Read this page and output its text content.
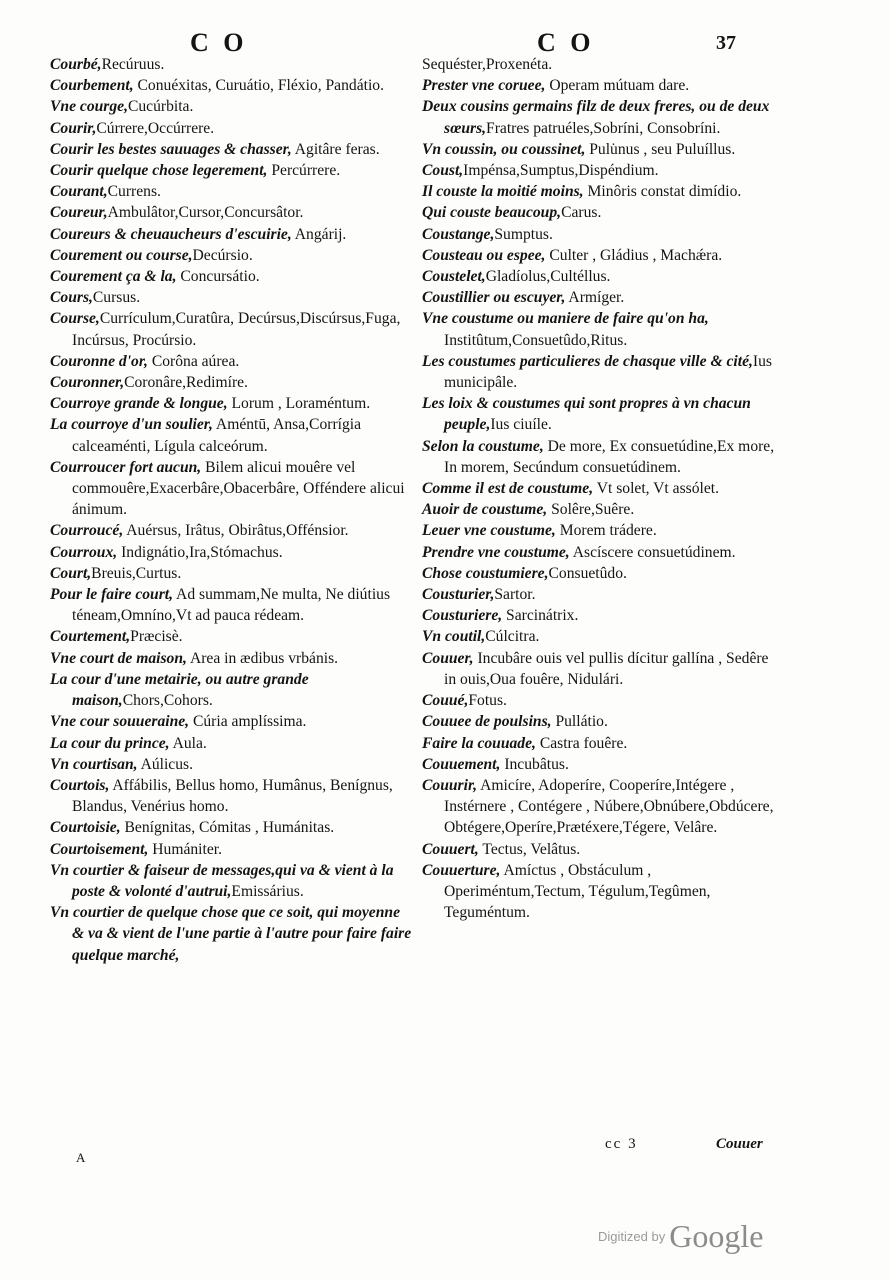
C O	C O	37

Courbé,Recúruus.

Courbement, Conuéxitas, Curuátio, Fléxio, Pandátio.

Vne courge,Cucúrbita.

Courir,Cúrrere,Occúrrere.

Courir les bestes sauuages & chasser, Agitâre feras.

Courir quelque chose legerement, Percúrrere.

Courant,Currens.

Coureur,Ambulâtor,Cursor,Concursâtor.

Coureurs & cheuaucheurs d'escuirie, Angárij.

Courement ou course,Decúrsio.

Courement ça & la, Concursátio.

Cours,Cursus.

Course,Currículum,Curatûra, Decúrsus,Discúrsus,Fuga, Incúrsus, Procúrsio.

Couronne d'or, Corôna aúrea.

Couronner,Coronâre,Redimíre.

Courroye grande & longue, Lorum , Loraméntum.

La courroye d'un soulier, Améntū, Ansa,Corrígia calceaménti, Lígula calceórum.

Courroucer fort aucun, Bilem alicui mouêre vel commouêre,Exacerbâre,Obacerbâre, Offéndere alicui ánimum.

Courroucé, Auérsus, Irâtus, Obirâtus,Offénsior.

Courroux, Indignátio,Ira,Stómachus.

Court,Breuis,Curtus.

Pour le faire court, Ad summam,Ne multa, Ne diútius téneam,Omníno,Vt ad pauca rédeam.

Courtement,Præcisè.

Vne court de maison, Area in ædibus vrbánis.

La cour d'une metairie, ou autre grande maison,Chors,Cohors.

Vne cour souueraine, Cúria amplíssima.

La cour du prince, Aula.

Vn courtisan, Aúlicus.

Courtois, Affábilis, Bellus homo, Humânus, Benígnus, Blandus, Venérius homo.

Courtoisie, Benígnitas, Cómitas , Humánitas.

Courtoisement, Humániter.

Vn courtier & faiseur de messages,qui va & vient à la poste & volonté d'autrui,Emissárius.

Vn courtier de quelque chose que ce soit, qui moyenne & va & vient de l'une partie à l'autre pour faire faire quelque marché,

Sequéster,Proxenéta.

Prester vne coruee, Operam mútuam dare.

Deux cousins germains filz de deux freres, ou de deux sœurs,Fratres patruéles,Sobríni, Consobríni.

Vn coussin, ou coussinet, Pulu̇nus , seu Puluíllus.

Coust,Impénsa,Sumptus,Dispéndium.

Il couste la moitié moins, Minôris constat dimídio.

Qui couste beaucoup,Carus.

Coustange,Sumptus.

Cousteau ou espee, Culter , Gládius , Machǽra.

Coustelet,Gladíolus,Cultéllus.

Coustillier ou escuyer, Armíger.

Vne coustume ou maniere de faire qu'on ha, Institûtum,Consuetûdo,Ritus.

Les coustumes particulieres de chasque ville & cité,Ius municipâle.

Les loix & coustumes qui sont propres à vn chacun peuple,Ius ciuíle.

Selon la coustume, De more, Ex consuetúdine,Ex more, In morem, Secúndum consuetúdinem.

Comme il est de coustume, Vt solet, Vt assólet.

Auoir de coustume, Solêre,Suêre.

Leuer vne coustume, Morem trádere.

Prendre vne coustume, Ascíscere consuetúdinem.

Chose coustumiere,Consuetûdo.

Cousturier,Sartor.

Cousturiere, Sarcinátrix.

Vn coutil,Cúlcitra.

Couuer, Incubâre ouis vel pullis dícitur gallína , Sedêre in ouis,Oua fouêre, Nidulári.

Couué,Fotus.

Couuee de poulsins, Pullátio.

Faire la couuade, Castra fouêre.

Couuement, Incubâtus.

Couurir, Amicíre, Adoperíre, Cooperíre,Intégere , Instérnere , Contégere , Núbere,Obnúbere,Obdúcere, Obtégere,Operíre,Prætéxere,Tégere, Velâre.

Couuert, Tectus, Velâtus.

Couuerture, Amíctus , Obstáculum , Operiméntum,Tectum, Tégulum,Tegûmen, Teguméntum.

cc 3	Couuer
A
Digitized by Google
